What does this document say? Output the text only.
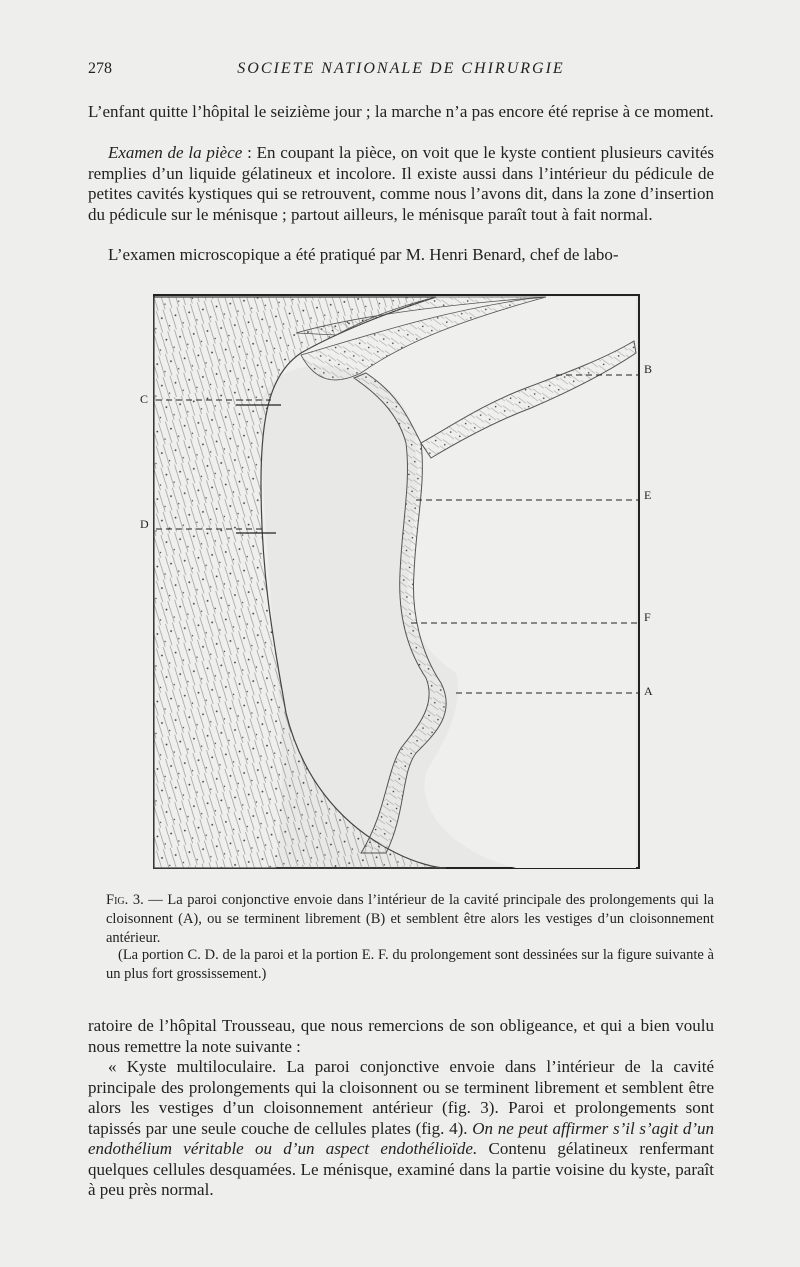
278	SOCIETE NATIONALE DE CHIRURGIE

L’enfant quitte l’hôpital le seizième jour ; la marche n’a pas encore été reprise à ce moment.

Examen de la pièce : En coupant la pièce, on voit que le kyste contient plusieurs cavités remplies d’un liquide gélatineux et incolore. Il existe aussi dans l’intérieur du pédicule de petites cavités kystiques qui se retrouvent, comme nous l’avons dit, dans la zone d’insertion du pédicule sur le ménisque ; partout ailleurs, le ménisque paraît tout à fait normal.

L’examen microscopique a été pratiqué par M. Henri Benard, chef de labo-

B
C
D
E
F
A

Fig. 3. — La paroi conjonctive envoie dans l’intérieur de la cavité principale des prolongements qui la cloisonnent (A), ou se terminent librement (B) et semblent être alors les vestiges d’un cloisonnement antérieur.

(La portion C. D. de la paroi et la portion E. F. du prolongement sont dessinées sur la figure suivante à un plus fort grossissement.)

ratoire de l’hôpital Trousseau, que nous remercions de son obligeance, et qui a bien voulu nous remettre la note suivante :

« Kyste multiloculaire. La paroi conjonctive envoie dans l’intérieur de la cavité principale des prolongements qui la cloisonnent ou se terminent librement et semblent être alors les vestiges d’un cloisonnement antérieur (fig. 3). Paroi et prolongements sont tapissés par une seule couche de cellules plates (fig. 4). On ne peut affirmer s’il s’agit d’un endothélium véritable ou d’un aspect endothélioïde. Contenu gélatineux renfermant quelques cellules desquamées. Le ménisque, examiné dans la partie voisine du kyste, paraît à peu près normal.
